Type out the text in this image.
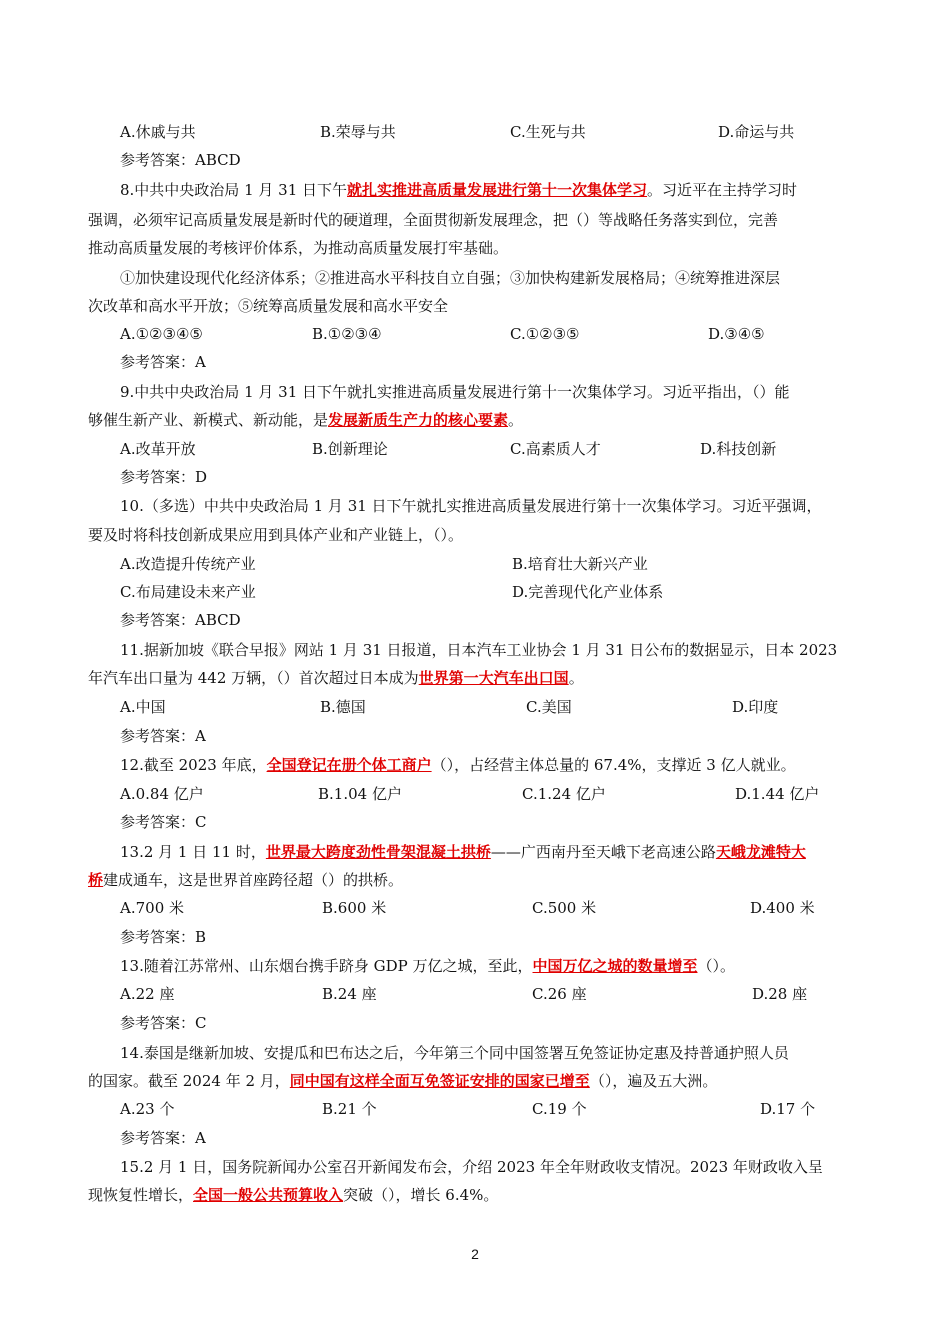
A.休戚与共	B.荣辱与共	C.生死与共	D.命运与共
参考答案：ABCD
8.中共中央政治局 1 月 31 日下午就扎实推进高质量发展进行第十一次集体学习。习近平在主持学习时
强调，必须牢记高质量发展是新时代的硬道理，全面贯彻新发展理念，把（）等战略任务落实到位，完善
推动高质量发展的考核评价体系，为推动高质量发展打牢基础。
①加快建设现代化经济体系；②推进高水平科技自立自强；③加快构建新发展格局；④统筹推进深层
次改革和高水平开放；⑤统筹高质量发展和高水平安全
A.①②③④⑤	B.①②③④	C.①②③⑤	D.③④⑤
参考答案：A
9.中共中央政治局 1 月 31 日下午就扎实推进高质量发展进行第十一次集体学习。习近平指出，（）能
够催生新产业、新模式、新动能，是发展新质生产力的核心要素。
A.改革开放	B.创新理论	C.高素质人才	D.科技创新
参考答案：D
10.（多选）中共中央政治局 1 月 31 日下午就扎实推进高质量发展进行第十一次集体学习。习近平强调，
要及时将科技创新成果应用到具体产业和产业链上，（）。
A.改造提升传统产业	B.培育壮大新兴产业
C.布局建设未来产业	D.完善现代化产业体系
参考答案：ABCD
11.据新加坡《联合早报》网站 1 月 31 日报道，日本汽车工业协会 1 月 31 日公布的数据显示，日本 2023
年汽车出口量为 442 万辆，（）首次超过日本成为世界第一大汽车出口国。
A.中国	B.德国	C.美国	D.印度
参考答案：A
12.截至 2023 年底，全国登记在册个体工商户（），占经营主体总量的 67.4%，支撑近 3 亿人就业。
A.0.84 亿户	B.1.04 亿户	C.1.24 亿户	D.1.44 亿户
参考答案：C
13.2 月 1 日 11 时，世界最大跨度劲性骨架混凝土拱桥——广西南丹至天峨下老高速公路天峨龙滩特大
桥建成通车，这是世界首座跨径超（）的拱桥。
A.700 米	B.600 米	C.500 米	D.400 米
参考答案：B
13.随着江苏常州、山东烟台携手跻身 GDP 万亿之城，至此，中国万亿之城的数量增至（）。
A.22 座	B.24 座	C.26 座	D.28 座
参考答案：C
14.泰国是继新加坡、安提瓜和巴布达之后，今年第三个同中国签署互免签证协定惠及持普通护照人员
的国家。截至 2024 年 2 月，同中国有这样全面互免签证安排的国家已增至（），遍及五大洲。
A.23 个	B.21 个	C.19 个	D.17 个
参考答案：A
15.2 月 1 日，国务院新闻办公室召开新闻发布会，介绍 2023 年全年财政收支情况。2023 年财政收入呈
现恢复性增长，全国一般公共预算收入突破（），增长 6.4%。
2
